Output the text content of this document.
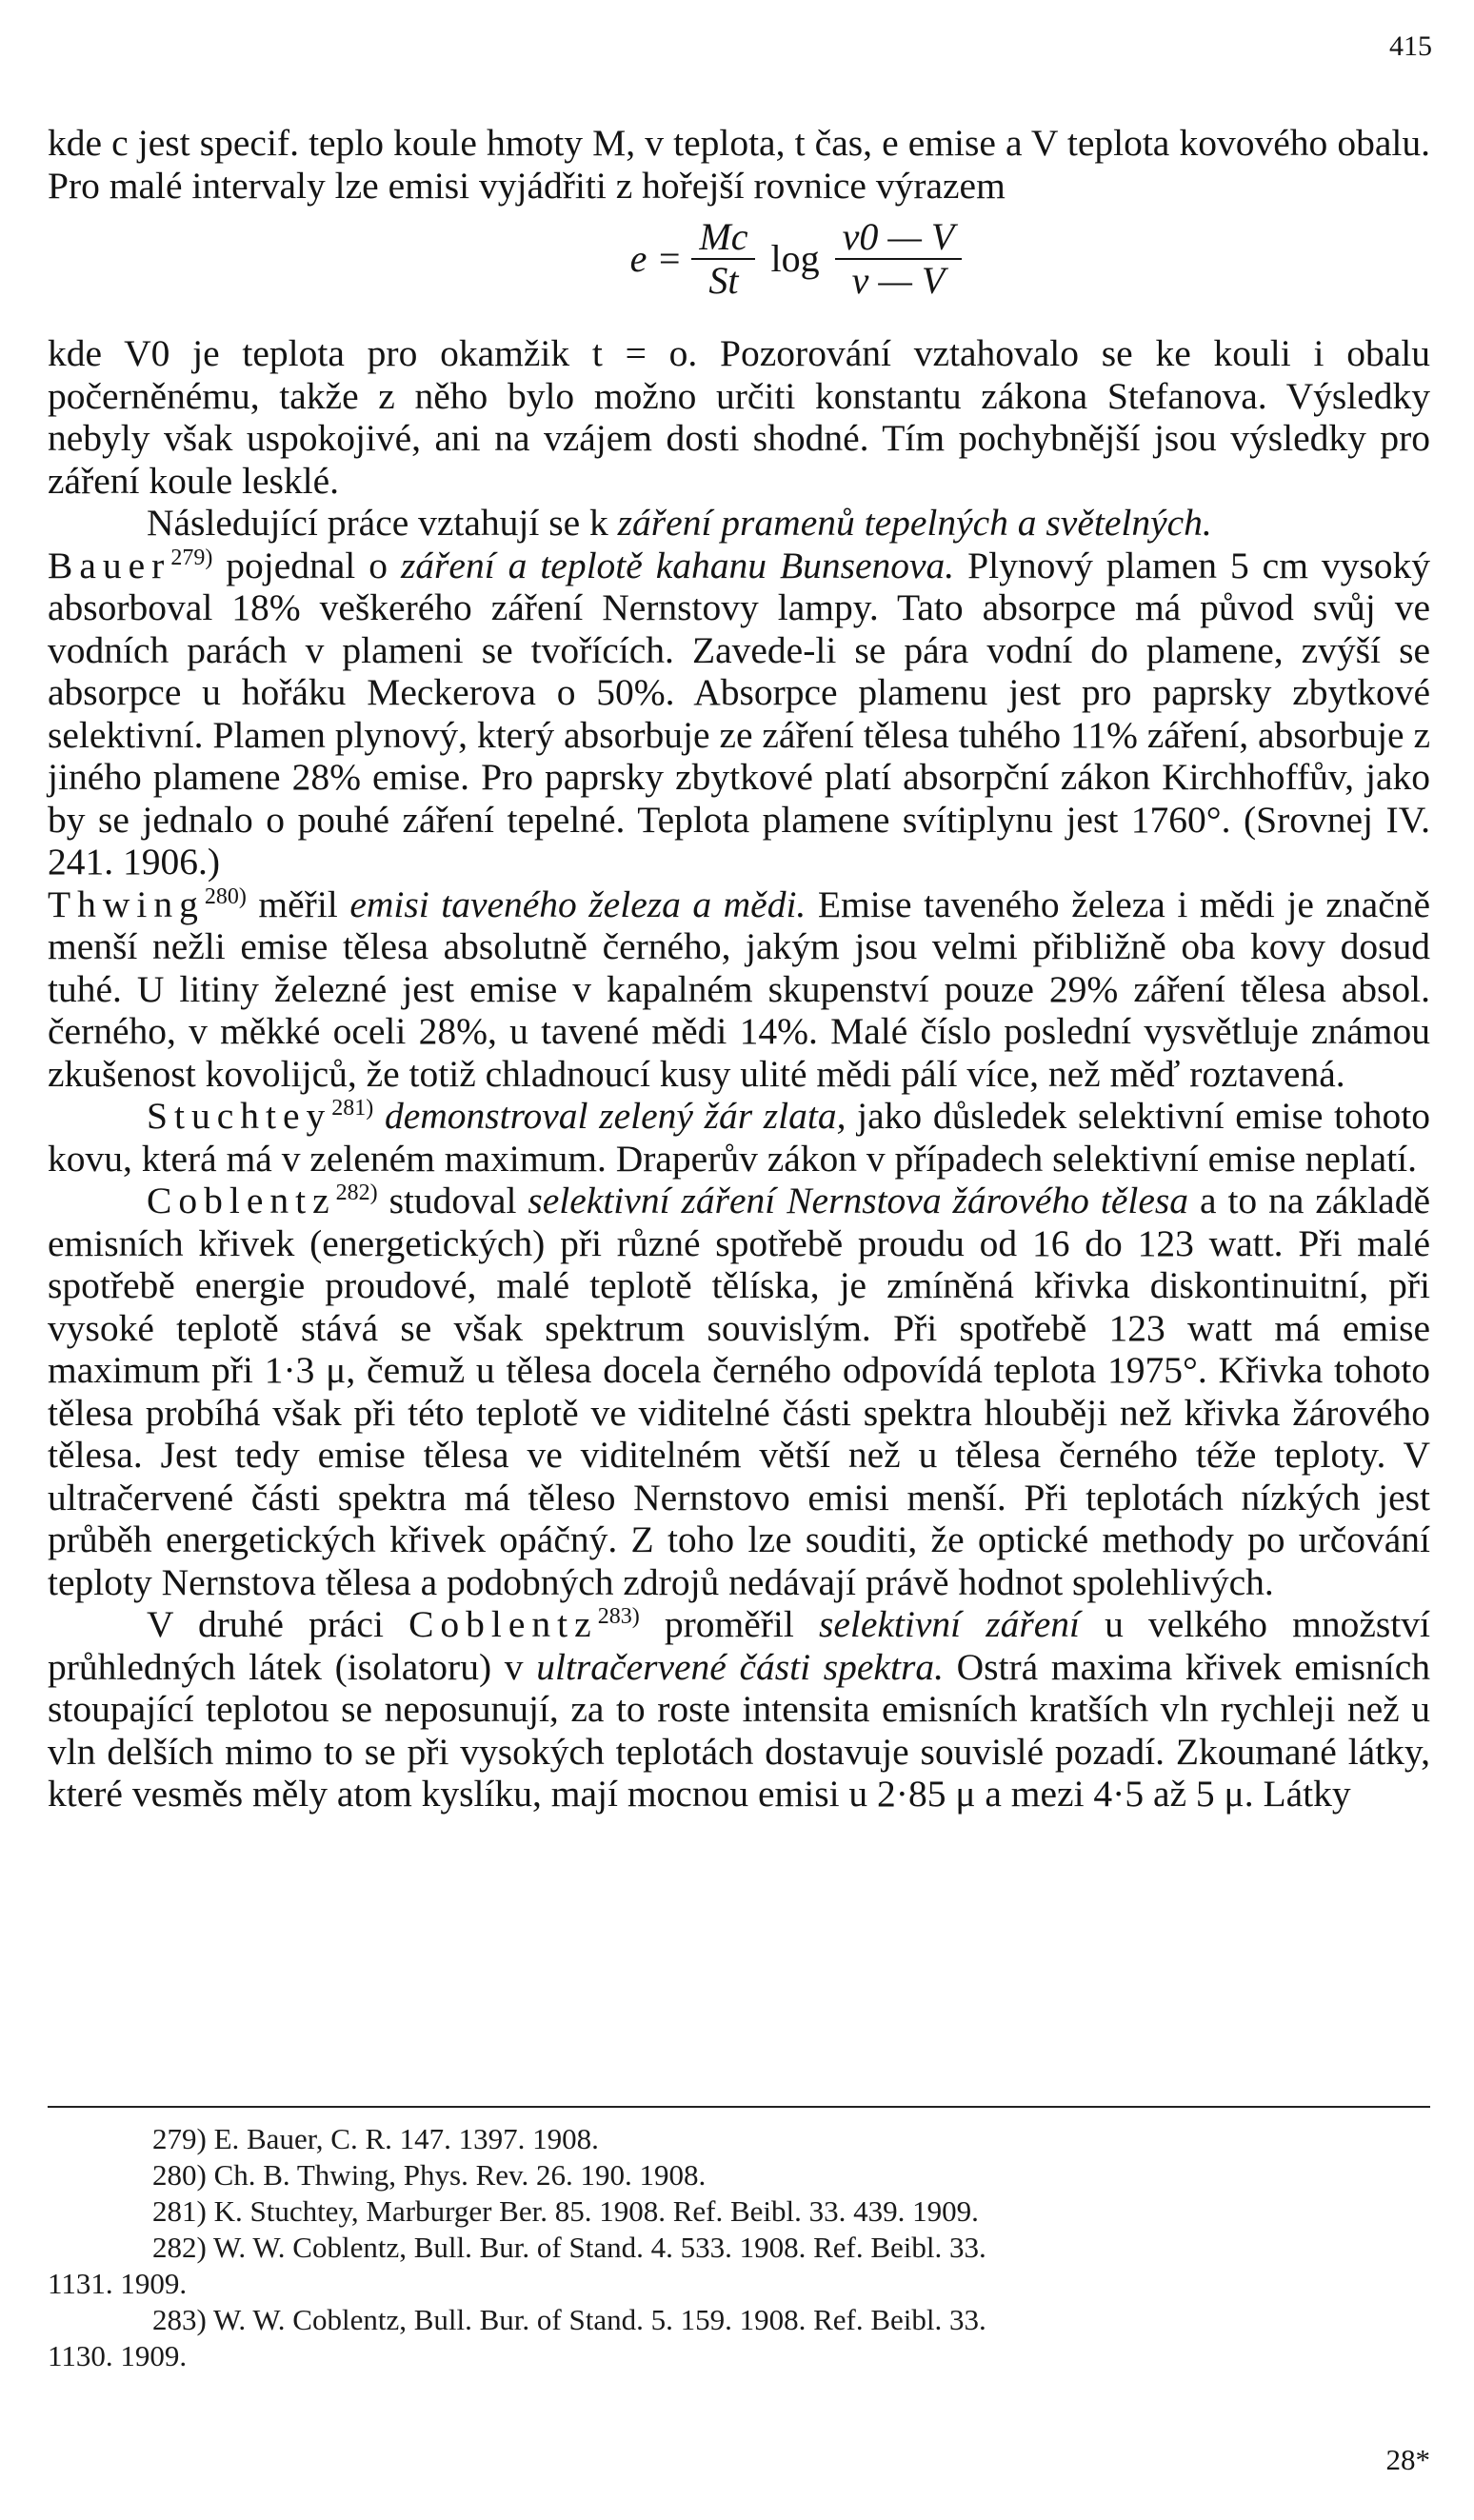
415

kde c jest specif. teplo koule hmoty M, v teplota, t čas, e emise a V teplota kovového obalu. Pro malé intervaly lze emisi vyjádřiti z hořejší rovnice výrazem

$e = \frac{Mc}{St}$ $\log \frac{v0 — V}{v — V}$

kde V0 je teplota pro okamžik t = o. Pozorování vztahovalo se ke kouli i obalu počerněnému, takže z něho bylo možno určiti konstantu zákona Stefanova. Výsledky nebyly však uspokojivé, ani na vzájem dosti shodné. Tím pochybnější jsou výsledky pro záření koule lesklé.

Následující práce vztahují se k záření pramenů tepelných a světelných.

Bauer$^{279)}$ pojednal o záření a teplotě kahanu Bunsenova. Plynový plamen 5 cm vysoký absorboval 18% veškerého záření Nernstovy lampy. Tato absorpce má původ svůj ve vodních parách v plameni se tvořících. Zavede-li se pára vodní do plamene, zvýší se absorpce u hořáku Meckerova o 50%. Absorpce plamenu jest pro paprsky zbytkové selektivní. Plamen plynový, který absorbuje ze záření tělesa tuhého 11% záření, absorbuje z jiného plamene 28% emise. Pro paprsky zbytkové platí absorpční zákon Kirchhoffův, jako by se jednalo o pouhé záření tepelné. Teplota plamene svítiplynu jest 1760°. (Srovnej IV. 241. 1906.)

Thwing$^{280)}$ měřil emisi taveného železa a mědi. Emise taveného železa i mědi je značně menší nežli emise tělesa absolutně černého, jakým jsou velmi přibližně oba kovy dosud tuhé. U litiny železné jest emise v kapalném skupenství pouze 29% záření tělesa absol. černého, v měkké oceli 28%, u tavené mědi 14%. Malé číslo poslední vysvětluje známou zkušenost kovolijců, že totiž chladnoucí kusy ulité mědi pálí více, než měď roztavená.

Stuchtey$^{281)}$ demonstroval zelený žár zlata, jako důsledek selektivní emise tohoto kovu, která má v zeleném maximum. Draperův zákon v případech selektivní emise neplatí.

Coblentz$^{282)}$ studoval selektivní záření Nernstova žárového tělesa a to na základě emisních křivek (energetických) při různé spotřebě proudu od 16 do 123 watt. Při malé spotřebě energie proudové, malé teplotě tělíska, je zmíněná křivka diskontinuitní, při vysoké teplotě stává se však spektrum souvislým. Při spotřebě 123 watt má emise maximum při 1·3 μ, čemuž u tělesa docela černého odpovídá teplota 1975°. Křivka tohoto tělesa probíhá však při této teplotě ve viditelné části spektra hlouběji než křivka žárového tělesa. Jest tedy emise tělesa ve viditelném větší než u tělesa černého téže teploty. V ultračervené části spektra má těleso Nernstovo emisi menší. Při teplotách nízkých jest průběh energetických křivek opáčný. Z toho lze souditi, že optické methody po určování teploty Nernstova tělesa a podobných zdrojů nedávají právě hodnot spolehlivých.

V druhé práci Coblentz$^{283)}$ proměřil selektivní záření u velkého množství průhledných látek (isolatoru) v ultračervené části spektra. Ostrá maxima křivek emisních stoupající teplotou se neposunují, za to roste intensita emisních kratších vln rychleji než u vln delších mimo to se při vysokých teplotách dostavuje souvislé pozadí. Zkoumané látky, které vesměs měly atom kyslíku, mají mocnou emisi u 2·85 μ a mezi 4·5 až 5 μ. Látky

279) E. Bauer, C. R. 147. 1397. 1908.

280) Ch. B. Thwing, Phys. Rev. 26. 190. 1908.

281) K. Stuchtey, Marburger Ber. 85. 1908. Ref. Beibl. 33. 439. 1909.

282) W. W. Coblentz, Bull. Bur. of Stand. 4. 533. 1908. Ref. Beibl. 33.

1131. 1909.

283) W. W. Coblentz, Bull. Bur. of Stand. 5. 159. 1908. Ref. Beibl. 33.

1130. 1909.

28*
